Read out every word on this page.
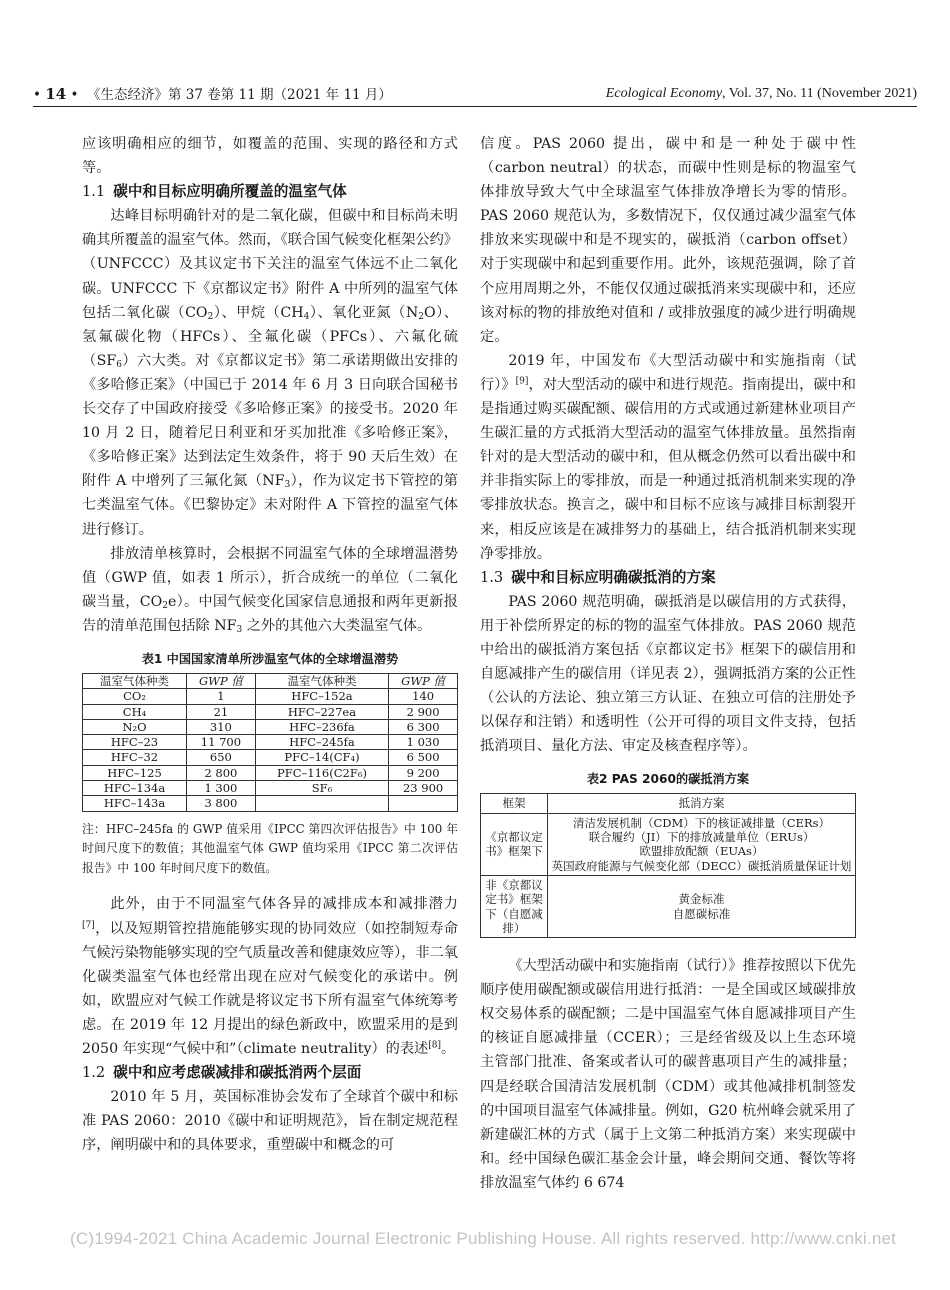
• 14 • 《生态经济》第 37 卷第 11 期（2021 年 11 月）	Ecological Economy, Vol. 37, No. 11 (November 2021)

应该明确相应的细节，如覆盖的范围、实现的路径和方式等。

1.1 碳中和目标应明确所覆盖的温室气体

达峰目标明确针对的是二氧化碳，但碳中和目标尚未明确其所覆盖的温室气体。然而，《联合国气候变化框架公约》（UNFCCC）及其议定书下关注的温室气体远不止二氧化碳。UNFCCC 下《京都议定书》附件 A 中所列的温室气体包括二氧化碳$(CO_2)$、甲烷$(CH_4)$、氧化亚氮$(N_2O)$、氢氟碳化物（HFCs）、全氟化碳（PFCs）、六氟化硫$(SF_6)$六大类。对《京都议定书》第二承诺期做出安排的《多哈修正案》（中国已于 2014 年 6 月 3 日向联合国秘书长交存了中国政府接受《多哈修正案》的接受书。2020 年 10 月 2 日，随着尼日利亚和牙买加批准《多哈修正案》，《多哈修正案》达到法定生效条件，将于 90 天后生效）在附件 A 中增列了三氟化氮$(NF_3)$，作为议定书下管控的第七类温室气体。《巴黎协定》未对附件 A 下管控的温室气体进行修订。

排放清单核算时，会根据不同温室气体的全球增温潜势值（GWP 值，如表 1 所示），折合成统一的单位（二氧化碳当量，$CO_2e$）。中国气候变化国家信息通报和两年更新报告的清单范围包括除 $NF_3$ 之外的其他六大类温室气体。

表1 中国国家清单所涉温室气体的全球增温潜势
温室气体种类	GWP 值	温室气体种类	GWP 值
CO₂	1	HFC–152a	140
CH₄	21	HFC–227ea	2 900
N₂O	310	HFC–236fa	6 300
HFC–23	11 700	HFC–245fa	1 030
HFC–32	650	PFC–14(CF₄)	6 500
HFC–125	2 800	PFC–116(C2F₆)	9 200
HFC–134a	1 300	SF₆	23 900
HFC–143a	3 800		
注：HFC–245fa 的 GWP 值采用《IPCC 第四次评估报告》中 100 年时间尺度下的数值；其他温室气体 GWP 值均采用《IPCC 第二次评估报告》中 100 年时间尺度下的数值。

此外，由于不同温室气体各异的减排成本和减排潜力[7]，以及短期管控措施能够实现的协同效应（如控制短寿命气候污染物能够实现的空气质量改善和健康效应等），非二氧化碳类温室气体也经常出现在应对气候变化的承诺中。例如，欧盟应对气候工作就是将议定书下所有温室气体统筹考虑。在 2019 年 12 月提出的绿色新政中，欧盟采用的是到 2050 年实现“气候中和”（climate neutrality）的表述[8]。

1.2 碳中和应考虑碳减排和碳抵消两个层面

2010 年 5 月，英国标准协会发布了全球首个碳中和标准 PAS 2060：2010《碳中和证明规范》，旨在制定规范程序，阐明碳中和的具体要求，重塑碳中和概念的可

信度。PAS 2060 提出，碳中和是一种处于碳中性（carbon neutral）的状态，而碳中性则是标的物温室气体排放导致大气中全球温室气体排放净增长为零的情形。PAS 2060 规范认为，多数情况下，仅仅通过减少温室气体排放来实现碳中和是不现实的，碳抵消（carbon offset）对于实现碳中和起到重要作用。此外，该规范强调，除了首个应用周期之外，不能仅仅通过碳抵消来实现碳中和，还应该对标的物的排放绝对值和 / 或排放强度的减少进行明确规定。

2019 年，中国发布《大型活动碳中和实施指南（试行）》[9]，对大型活动的碳中和进行规范。指南提出，碳中和是指通过购买碳配额、碳信用的方式或通过新建林业项目产生碳汇量的方式抵消大型活动的温室气体排放量。虽然指南针对的是大型活动的碳中和，但从概念仍然可以看出碳中和并非指实际上的零排放，而是一种通过抵消机制来实现的净零排放状态。换言之，碳中和目标不应该与减排目标割裂开来，相反应该是在减排努力的基础上，结合抵消机制来实现净零排放。

1.3 碳中和目标应明确碳抵消的方案

PAS 2060 规范明确，碳抵消是以碳信用的方式获得，用于补偿所界定的标的物的温室气体排放。PAS 2060 规范中给出的碳抵消方案包括《京都议定书》框架下的碳信用和自愿减排产生的碳信用（详见表 2），强调抵消方案的公正性（公认的方法论、独立第三方认证、在独立可信的注册处予以保存和注销）和透明性（公开可得的项目文件支持，包括抵消项目、量化方法、审定及核查程序等）。

表2 PAS 2060的碳抵消方案
框架	抵消方案
《京都议定书》框架下	清洁发展机制（CDM）下的核证减排量（CERs）
联合履约（JI）下的排放减量单位（ERUs）
欧盟排放配额（EUAs）
英国政府能源与气候变化部（DECC）碳抵消质量保证计划

非《京都议定书》框架下（自愿减排）	黄金标准
自愿碳标准

《大型活动碳中和实施指南（试行）》推荐按照以下优先顺序使用碳配额或碳信用进行抵消：一是全国或区域碳排放权交易体系的碳配额；二是中国温室气体自愿减排项目产生的核证自愿减排量（CCER）；三是经省级及以上生态环境主管部门批准、备案或者认可的碳普惠项目产生的减排量；四是经联合国清洁发展机制（CDM）或其他减排机制签发的中国项目温室气体减排量。例如，G20 杭州峰会就采用了新建碳汇林的方式（属于上文第二种抵消方案）来实现碳中和。经中国绿色碳汇基金会计量，峰会期间交通、餐饮等将排放温室气体约 6 674

(C)1994-2021 China Academic Journal Electronic Publishing House. All rights reserved. http://www.cnki.net
